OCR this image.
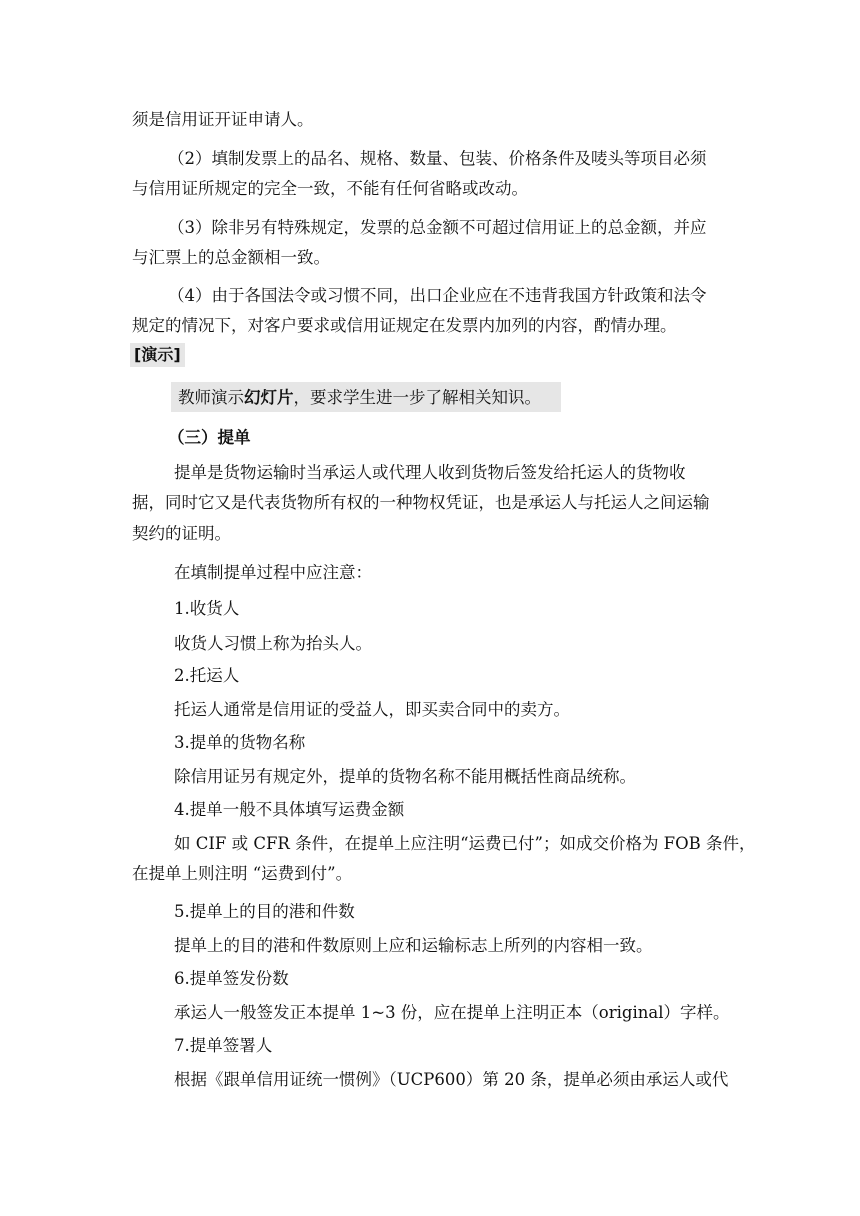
须是信用证开证申请人。
（2）填制发票上的品名、规格、数量、包装、价格条件及唛头等项目必须
与信用证所规定的完全一致，不能有任何省略或改动。
（3）除非另有特殊规定，发票的总金额不可超过信用证上的总金额，并应
与汇票上的总金额相一致。
（4）由于各国法令或习惯不同，出口企业应在不违背我国方针政策和法令
规定的情况下，对客户要求或信用证规定在发票内加列的内容，酌情办理。
[演示]
教师演示幻灯片，要求学生进一步了解相关知识。
（三）提单
提单是货物运输时当承运人或代理人收到货物后签发给托运人的货物收
据，同时它又是代表货物所有权的一种物权凭证，也是承运人与托运人之间运输
契约的证明。
在填制提单过程中应注意：
1.收货人
收货人习惯上称为抬头人。
2.托运人
托运人通常是信用证的受益人，即买卖合同中的卖方。
3.提单的货物名称
除信用证另有规定外，提单的货物名称不能用概括性商品统称。
4.提单一般不具体填写运费金额
如 CIF 或 CFR 条件，在提单上应注明“运费已付”；如成交价格为 FOB 条件，
在提单上则注明 “运费到付”。
5.提单上的目的港和件数
提单上的目的港和件数原则上应和运输标志上所列的内容相一致。
6.提单签发份数
承运人一般签发正本提单 1~3 份，应在提单上注明正本（original）字样。
7.提单签署人
根据《跟单信用证统一惯例》（UCP600）第 20 条，提单必须由承运人或代
